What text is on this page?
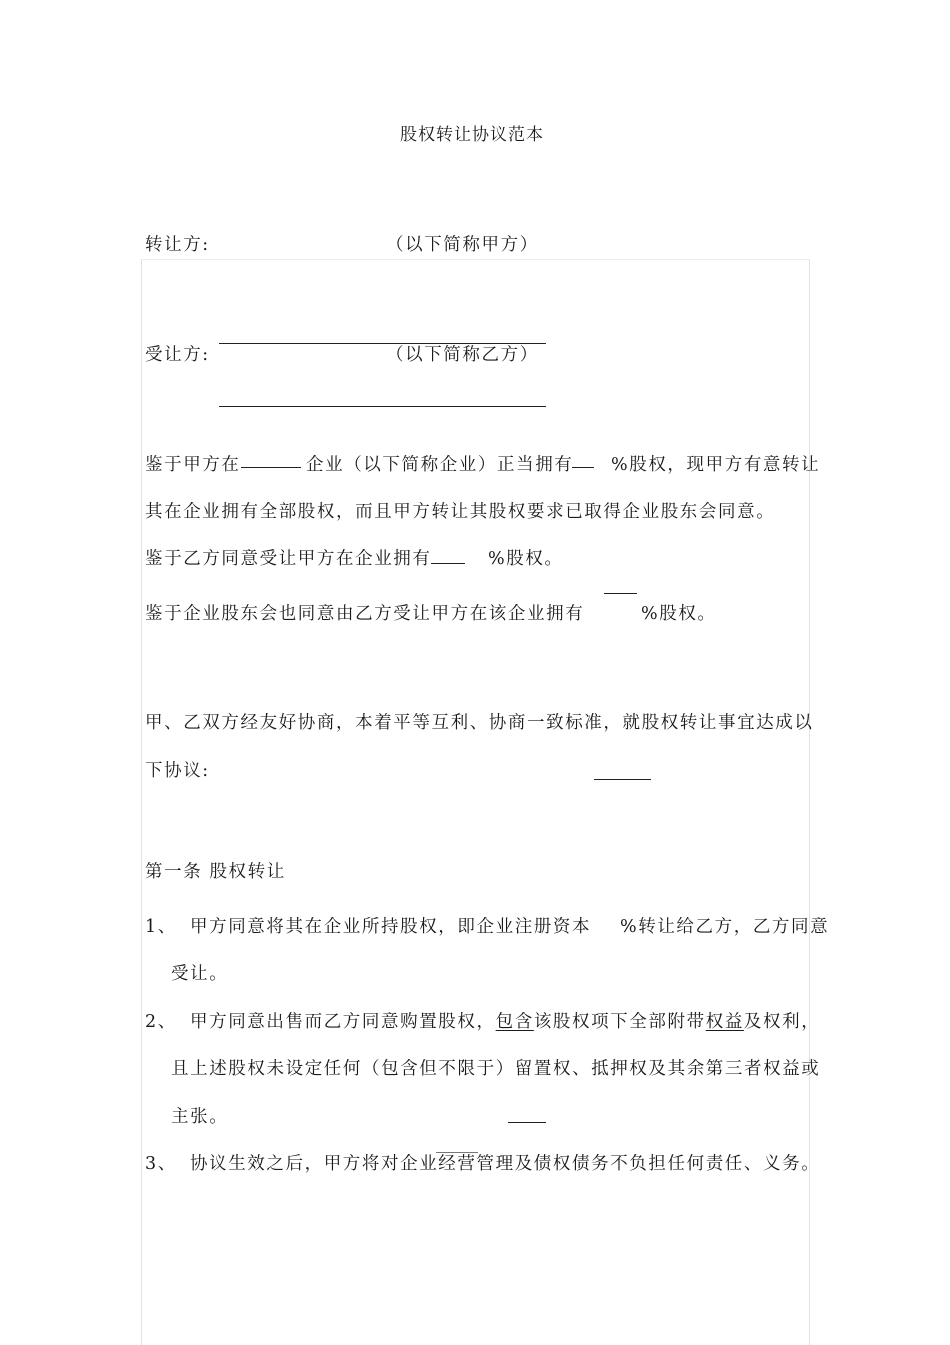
股权转让协议范本
转让方:	（以下简称甲方）
受让方:	（以下简称乙方）
鉴于甲方在	企业（以下简称企业）正当拥有 %股权，现甲方有意转让
其在企业拥有全部股权，而且甲方转让其股权要求已取得企业股东会同意。
鉴于乙方同意受让甲方在企业拥有	%股权。
鉴于企业股东会也同意由乙方受让甲方在该企业拥有	%股权。
甲、乙双方经友好协商，本着平等互利、协商一致标准，就股权转让事宜达成以
下协议:
第一条 股权转让
1、 甲方同意将其在企业所持股权，即企业注册资本 %转让给乙方，乙方同意
受让。
2、 甲方同意出售而乙方同意购置股权，包含该股权项下全部附带权益及权利，
且上述股权未设定任何（包含但不限于）留置权、抵押权及其余第三者权益或
主张。
3、 协议生效之后，甲方将对企业经营管理及债权债务不负担任何责任、义务。
